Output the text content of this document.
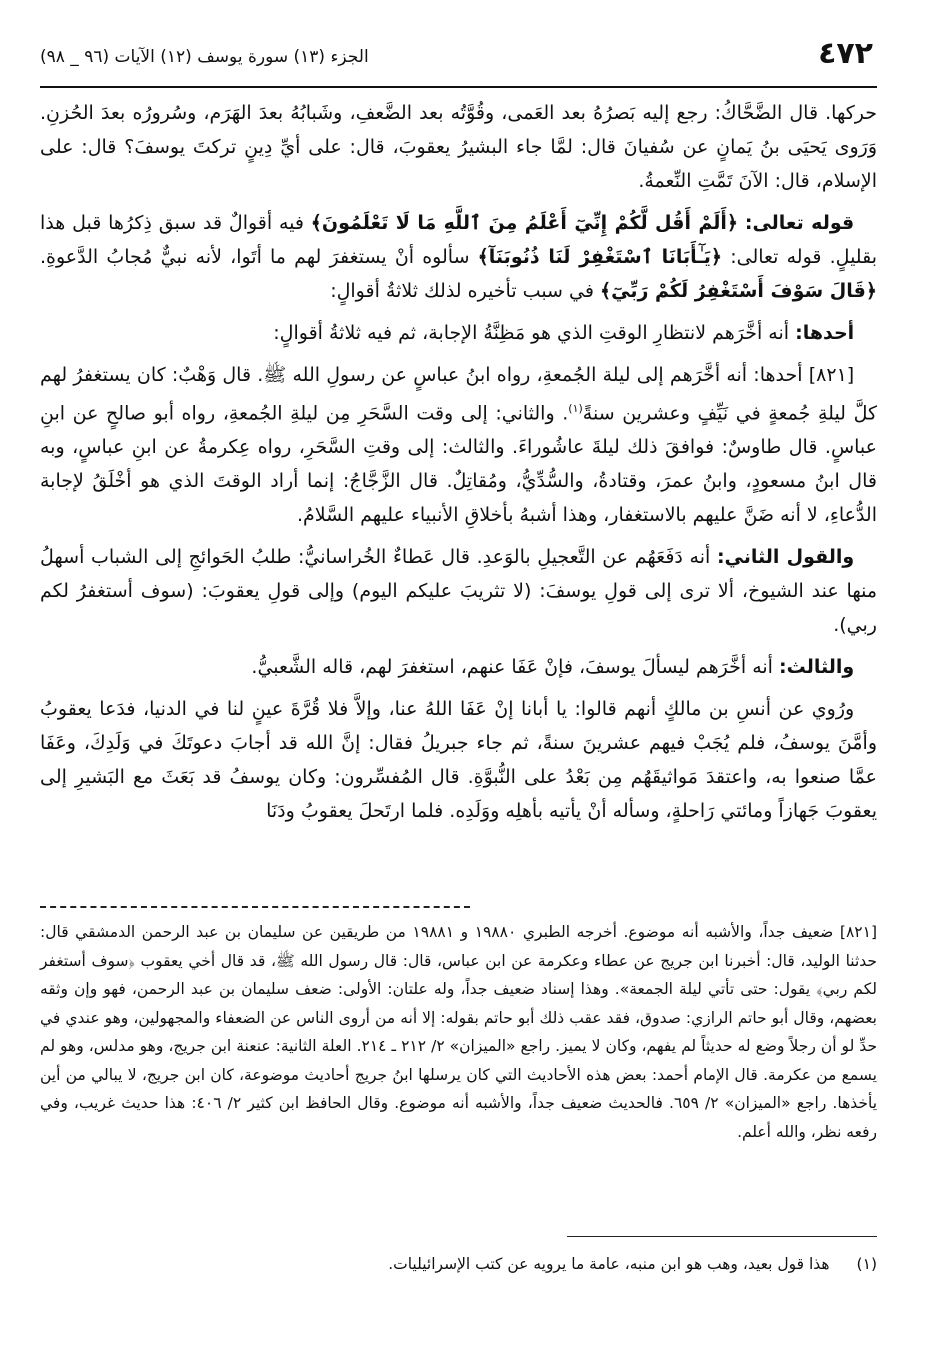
٤٧٢
الجزء (١٣) سورة يوسف (١٢) الآيات (٩٦ _ ٩٨)

حركها. قال الضَّحَّاكُ: رجع إليه بَصرُهُ بعد العَمى، وقُوَّتُه بعد الضَّعفِ، وشَبابُهُ بعدَ الهَرَم، وسُرورُه بعدَ الحُزنِ. وَرَوى يَحيَى بنُ يَمانٍ عن سُفيانَ قال: لمَّا جاء البشيرُ يعقوبَ، قال: على أيِّ دِينٍ تركتَ يوسفَ؟ قال: على الإسلام، قال: الآنَ تَمَّتِ النِّعمةُ.

قوله تعالى: ﴿أَلَمْ أَقُل لَّكُمْ إِنِّيٓ أَعْلَمُ مِنَ ٱللَّهِ مَا لَا تَعْلَمُونَ﴾ فيه أقوالٌ قد سبق ذِكرُها قبل هذا بقليلٍ. قوله تعالى: ﴿يَـٰٓأَبَانَا ٱسْتَغْفِرْ لَنَا ذُنُوبَنَآ﴾ سألوه أنْ يستغفرَ لهم ما أتَوا، لأنه نبيٌّ مُجابُ الدَّعوةِ. ﴿قَالَ سَوْفَ أَسْتَغْفِرُ لَكُمْ رَبِّيٓ﴾ في سبب تأخيره لذلك ثلاثةُ أقوالٍ:

أحدها: أنه أخَّرَهم لانتظارِ الوقتِ الذي هو مَظِنَّةُ الإجابة، ثم فيه ثلاثةُ أقوالٍ:

[٨٢١] أحدها: أنه أخَّرَهم إلى ليلة الجُمعةِ، رواه ابنُ عباسٍ عن رسولِ الله ﷺ. قال وَهْبٌ: كان يستغفرُ لهم كلَّ ليلةِ جُمعةٍ في نَيِّفٍ وعشرين سنةً$^{(١)}$. والثاني: إلى وقت السَّحَرِ مِن ليلةِ الجُمعةِ، رواه أبو صالحٍ عن ابنِ عباسٍ. قال طاوسٌ: فوافقَ ذلك ليلةَ عاشُوراءَ. والثالث: إلى وقتِ السَّحَرِ، رواه عِكرمةُ عن ابنِ عباسٍ، وبه قال ابنُ مسعودٍ، وابنُ عمرَ، وقتادةُ، والسُّدِّيُّ، ومُقاتِلٌ. قال الزَّجَّاجُ: إنما أراد الوقتَ الذي هو أخْلَقُ لإجابة الدُّعاءِ، لا أنه ضَنَّ عليهم بالاستغفار، وهذا أشبهُ بأخلاقِ الأنبياء عليهم السَّلامُ.

والقول الثاني: أنه دَفَعَهُم عن التَّعجيلِ بالوَعدِ. قال عَطاءٌ الخُراسانيُّ: طلبُ الحَوائجِ إلى الشباب أسهلُ منها عند الشيوخ، ألا ترى إلى قولِ يوسفَ: (لا تثريبَ عليكم اليوم) وإلى قولِ يعقوبَ: (سوف أستغفرُ لكم ربي).

والثالث: أنه أخَّرَهم ليسألَ يوسفَ، فإنْ عَفَا عنهم، استغفرَ لهم، قاله الشَّعبيُّ.

ورُوي عن أنسِ بن مالكٍ أنهم قالوا: يا أبانا إنْ عَفَا اللهُ عنا، وإلاَّ فلا قُرَّةَ عينٍ لنا في الدنيا، فدَعا يعقوبُ وأمَّنَ يوسفُ، فلم يُجَبْ فيهم عشرينَ سنةً، ثم جاء جبريلُ فقال: إنَّ الله قد أجابَ دعوتَكَ في وَلَدِكَ، وعَفَا عمَّا صنعوا به، واعتقدَ مَواثيقَهُم مِن بَعْدُ على النُّبوَّةِ. قال المُفسِّرون: وكان يوسفُ قد بَعَثَ مع البَشيرِ إلى يعقوبَ جَهازاً ومائتي رَاحلةٍ، وسأله أنْ يأتيه بأهلِه ووَلَدِه. فلما ارتَحلَ يعقوبُ ودَنَا

[٨٢١] ضعيف جداً، والأشبه أنه موضوع. أخرجه الطبري ١٩٨٨٠ و ١٩٨٨١ من طريقين عن سليمان بن عبد الرحمن الدمشقي قال: حدثنا الوليد، قال: أخبرنا ابن جريج عن عطاء وعكرمة عن ابن عباس، قال: قال رسول الله ﷺ، قد قال أخي يعقوب ﴿سوف أستغفر لكم ربي﴾ يقول: حتى تأتي ليلة الجمعة». وهذا إسناد ضعيف جداً، وله علتان: الأولى: ضعف سليمان بن عبد الرحمن، فهو وإن وثقه بعضهم، وقال أبو حاتم الرازي: صدوق، فقد عقب ذلك أبو حاتم بقوله: إلا أنه من أروى الناس عن الضعفاء والمجهولين، وهو عندي في حدِّ لو أن رجلاً وضع له حديثاً لم يفهم، وكان لا يميز. راجع «الميزان» ٢/ ٢١٢ ـ ٢١٤. العلة الثانية: عنعنة ابن جريج، وهو مدلس، وهو لم يسمع من عكرمة. قال الإمام أحمد: بعض هذه الأحاديث التي كان يرسلها ابنُ جريج أحاديث موضوعة، كان ابن جريج، لا يبالي من أين يأخذها. راجع «الميزان» ٢/ ٦٥٩. فالحديث ضعيف جداً، والأشبه أنه موضوع. وقال الحافظ ابن كثير ٢/ ٤٠٦: هذا حديث غريب، وفي رفعه نظر، والله أعلم.

(١) هذا قول بعيد، وهب هو ابن منبه، عامة ما يرويه عن كتب الإسرائيليات.
